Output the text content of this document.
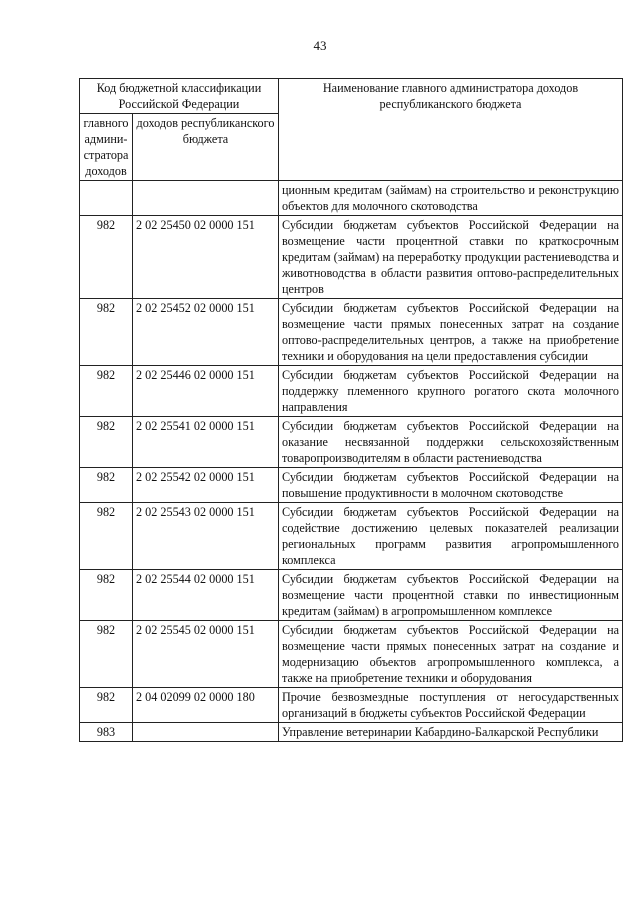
43
Код бюджетной классификации Российской Федерации		Наименование главного администратора доходов республиканского бюджета
главного админи-стратора доходов	доходов республиканского бюджета	
		ционным кредитам (займам) на строительство и реконструкцию объектов для молочного скотоводства
982	2 02 25450 02 0000 151	Субсидии бюджетам субъектов Российской Федерации на возмещение части процентной ставки по краткосрочным кредитам (займам) на переработку продукции растениеводства и животноводства в области развития оптово-распределительных центров
982	2 02 25452 02 0000 151	Субсидии бюджетам субъектов Российской Федерации на возмещение части прямых понесенных затрат на создание оптово-распределительных центров, а также на приобретение техники и оборудования на цели предоставления субсидии
982	2 02 25446 02 0000 151	Субсидии бюджетам субъектов Российской Федерации на поддержку племенного крупного рогатого скота молочного направления
982	2 02 25541 02 0000 151	Субсидии бюджетам субъектов Российской Федерации на оказание несвязанной поддержки сельскохозяйственным товаропроизводителям в области растениеводства
982	2 02 25542 02 0000 151	Субсидии бюджетам субъектов Российской Федерации на повышение продуктивности в молочном скотоводстве
982	2 02 25543 02 0000 151	Субсидии бюджетам субъектов Российской Федерации на содействие достижению целевых показателей реализации региональных программ развития агропромышленного комплекса
982	2 02 25544 02 0000 151	Субсидии бюджетам субъектов Российской Федерации на возмещение части процентной ставки по инвестиционным кредитам (займам) в агропромышленном комплексе
982	2 02 25545 02 0000 151	Субсидии бюджетам субъектов Российской Федерации на возмещение части прямых понесенных затрат на создание и модернизацию объектов агропромышленного комплекса, а также на приобретение техники и оборудования
982	2 04 02099 02 0000 180	Прочие безвозмездные поступления от негосударственных организаций в бюджеты субъектов Российской Федерации
983		Управление ветеринарии Кабардино-Балкарской Республики
